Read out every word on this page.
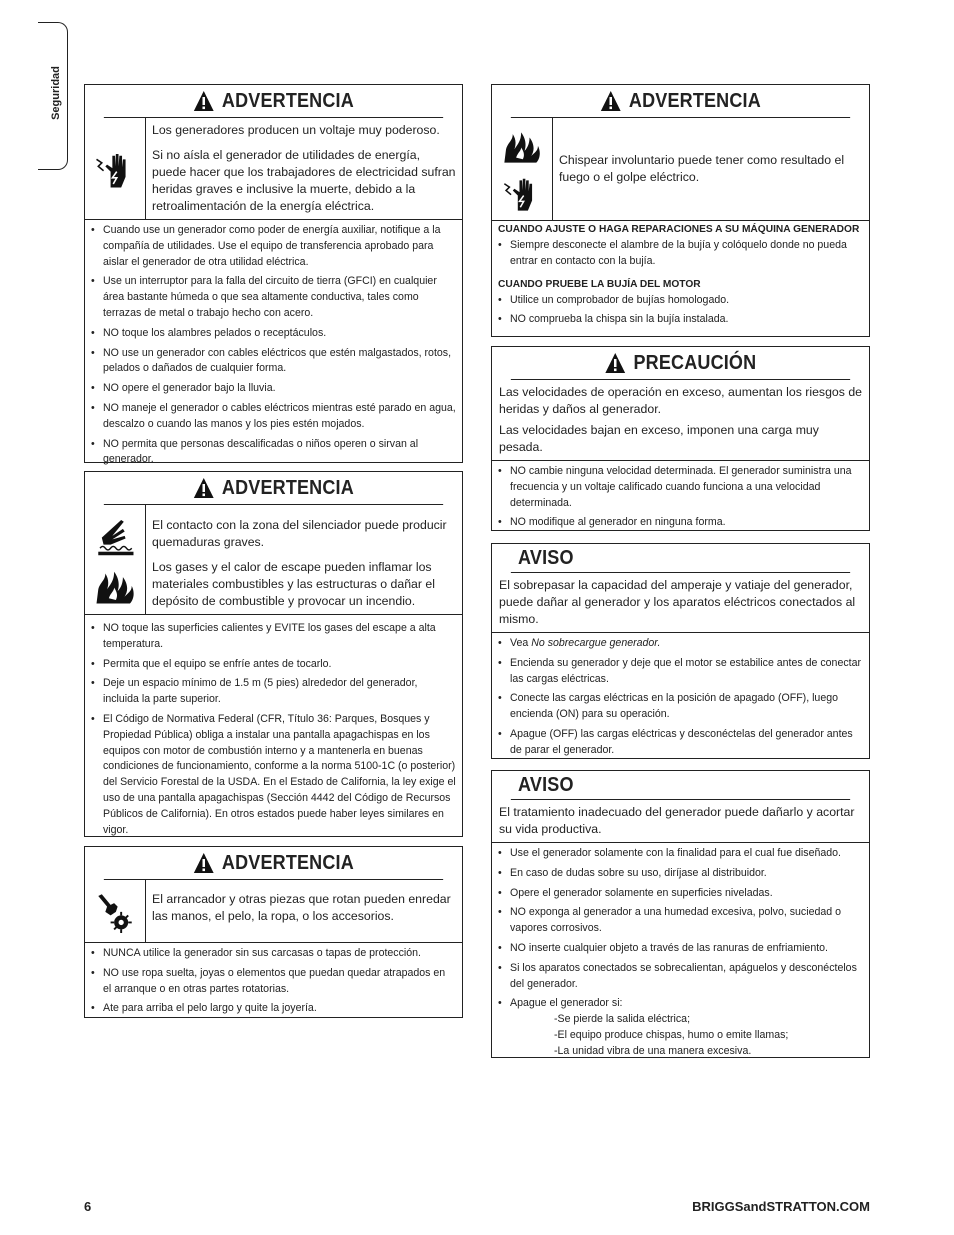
Seguridad	ADVERTENCIA

Los generadores producen un voltaje muy poderoso.

Si no aísla el generador de utilidades de energía, puede hacer que los trabajadores de electricidad sufran heridas graves e inclusive la muerte, debido a la retroalimentación de la energía eléctrica.

• Cuando use un generador como poder de energía auxiliar, notifique a la compañía de utilidades. Use el equipo de transferencia aprobado para aislar el generador de otra utilidad eléctrica.
• Use un interruptor para la falla del circuito de tierra (GFCI) en cualquier área bastante húmeda o que sea altamente conductiva, tales como terrazas de metal o trabajo hecho con acero.
• NO toque los alambres pelados o receptáculos.
• NO use un generador con cables eléctricos que estén malgastados, rotos, pelados o dañados de cualquier forma.
• NO opere el generador bajo la lluvia.
• NO maneje el generador o cables eléctricos mientras esté parado en agua, descalzo o cuando las manos y los pies estén mojados.
• NO permita que personas descalificadas o niños operen o sirvan al generador.
ADVERTENCIA

El contacto con la zona del silenciador puede producir quemaduras graves.

Los gases y el calor de escape pueden inflamar los materiales combustibles y las estructuras o dañar el depósito de combustible y provocar un incendio.

• NO toque las superficies calientes y EVITE los gases del escape a alta temperatura.
• Permita que el equipo se enfríe antes de tocarlo.
• Deje un espacio mínimo de 1.5 m (5 pies) alrededor del generador, incluida la parte superior.
• El Código de Normativa Federal (CFR, Título 36: Parques, Bosques y Propiedad Pública) obliga a instalar una pantalla apagachispas en los equipos con motor de combustión interno y a mantenerla en buenas condiciones de funcionamiento, conforme a la norma 5100-1C (o posterior) del Servicio Forestal de la USDA. En el Estado de California, la ley exige el uso de una pantalla apagachispas (Sección 4442 del Código de Recursos Públicos de California). En otros estados puede haber leyes similares en vigor.
ADVERTENCIA

El arrancador y otras piezas que rotan pueden enredar las manos, el pelo, la ropa, o los accesorios.

• NUNCA utilice la generador sin sus carcasas o tapas de protección.
• NO use ropa suelta, joyas o elementos que puedan quedar atrapados en el arranque o en otras partes rotatorias.
• Ate para arriba el pelo largo y quite la joyería.
ADVERTENCIA

Chispear involuntario puede tener como resultado el fuego o el golpe eléctrico.

CUANDO AJUSTE O HAGA REPARACIONES A SU MÁQUINA GENERADOR
• Siempre desconecte el alambre de la bujía y colóquelo donde no pueda entrar en contacto con la bujía.
CUANDO PRUEBE LA BUJÍA DEL MOTOR
• Utilice un comprobador de bujías homologado.
• NO comprueba la chispa sin la bujía instalada.
PRECAUCIÓN

Las velocidades de operación en exceso, aumentan los riesgos de heridas y daños al generador.

Las velocidades bajan en exceso, imponen una carga muy pesada.

• NO cambie ninguna velocidad determinada. El generador suministra una frecuencia y un voltaje calificado cuando funciona a una velocidad determinada.
• NO modifique al generador en ninguna forma.
AVISO

El sobrepasar la capacidad del amperaje y vatiaje del generador, puede dañar al generador y los aparatos eléctricos conectados al mismo.

• Vea No sobrecargue generador.
• Encienda su generador y deje que el motor se estabilice antes de conectar las cargas eléctricas.
• Conecte las cargas eléctricas en la posición de apagado (OFF), luego encienda (ON) para su operación.
• Apague (OFF) las cargas eléctricas y desconéctelas del generador antes de parar el generador.
AVISO

El tratamiento inadecuado del generador puede dañarlo y acortar su vida productiva.

• Use el generador solamente con la finalidad para el cual fue diseñado.
• En caso de dudas sobre su uso, diríjase al distribuidor.
• Opere el generador solamente en superficies niveladas.
• NO exponga al generador a una humedad excesiva, polvo, suciedad o vapores corrosivos.
• NO inserte cualquier objeto a través de las ranuras de enfriamiento.
• Si los aparatos conectados se sobrecalientan, apáguelos y desconéctelos del generador.
• Apague el generador si:
-Se pierde la salida eléctrica;
-El equipo produce chispas, humo o emite llamas;
-La unidad vibra de una manera excesiva.
6	BRIGGSandSTRATTON.COM
